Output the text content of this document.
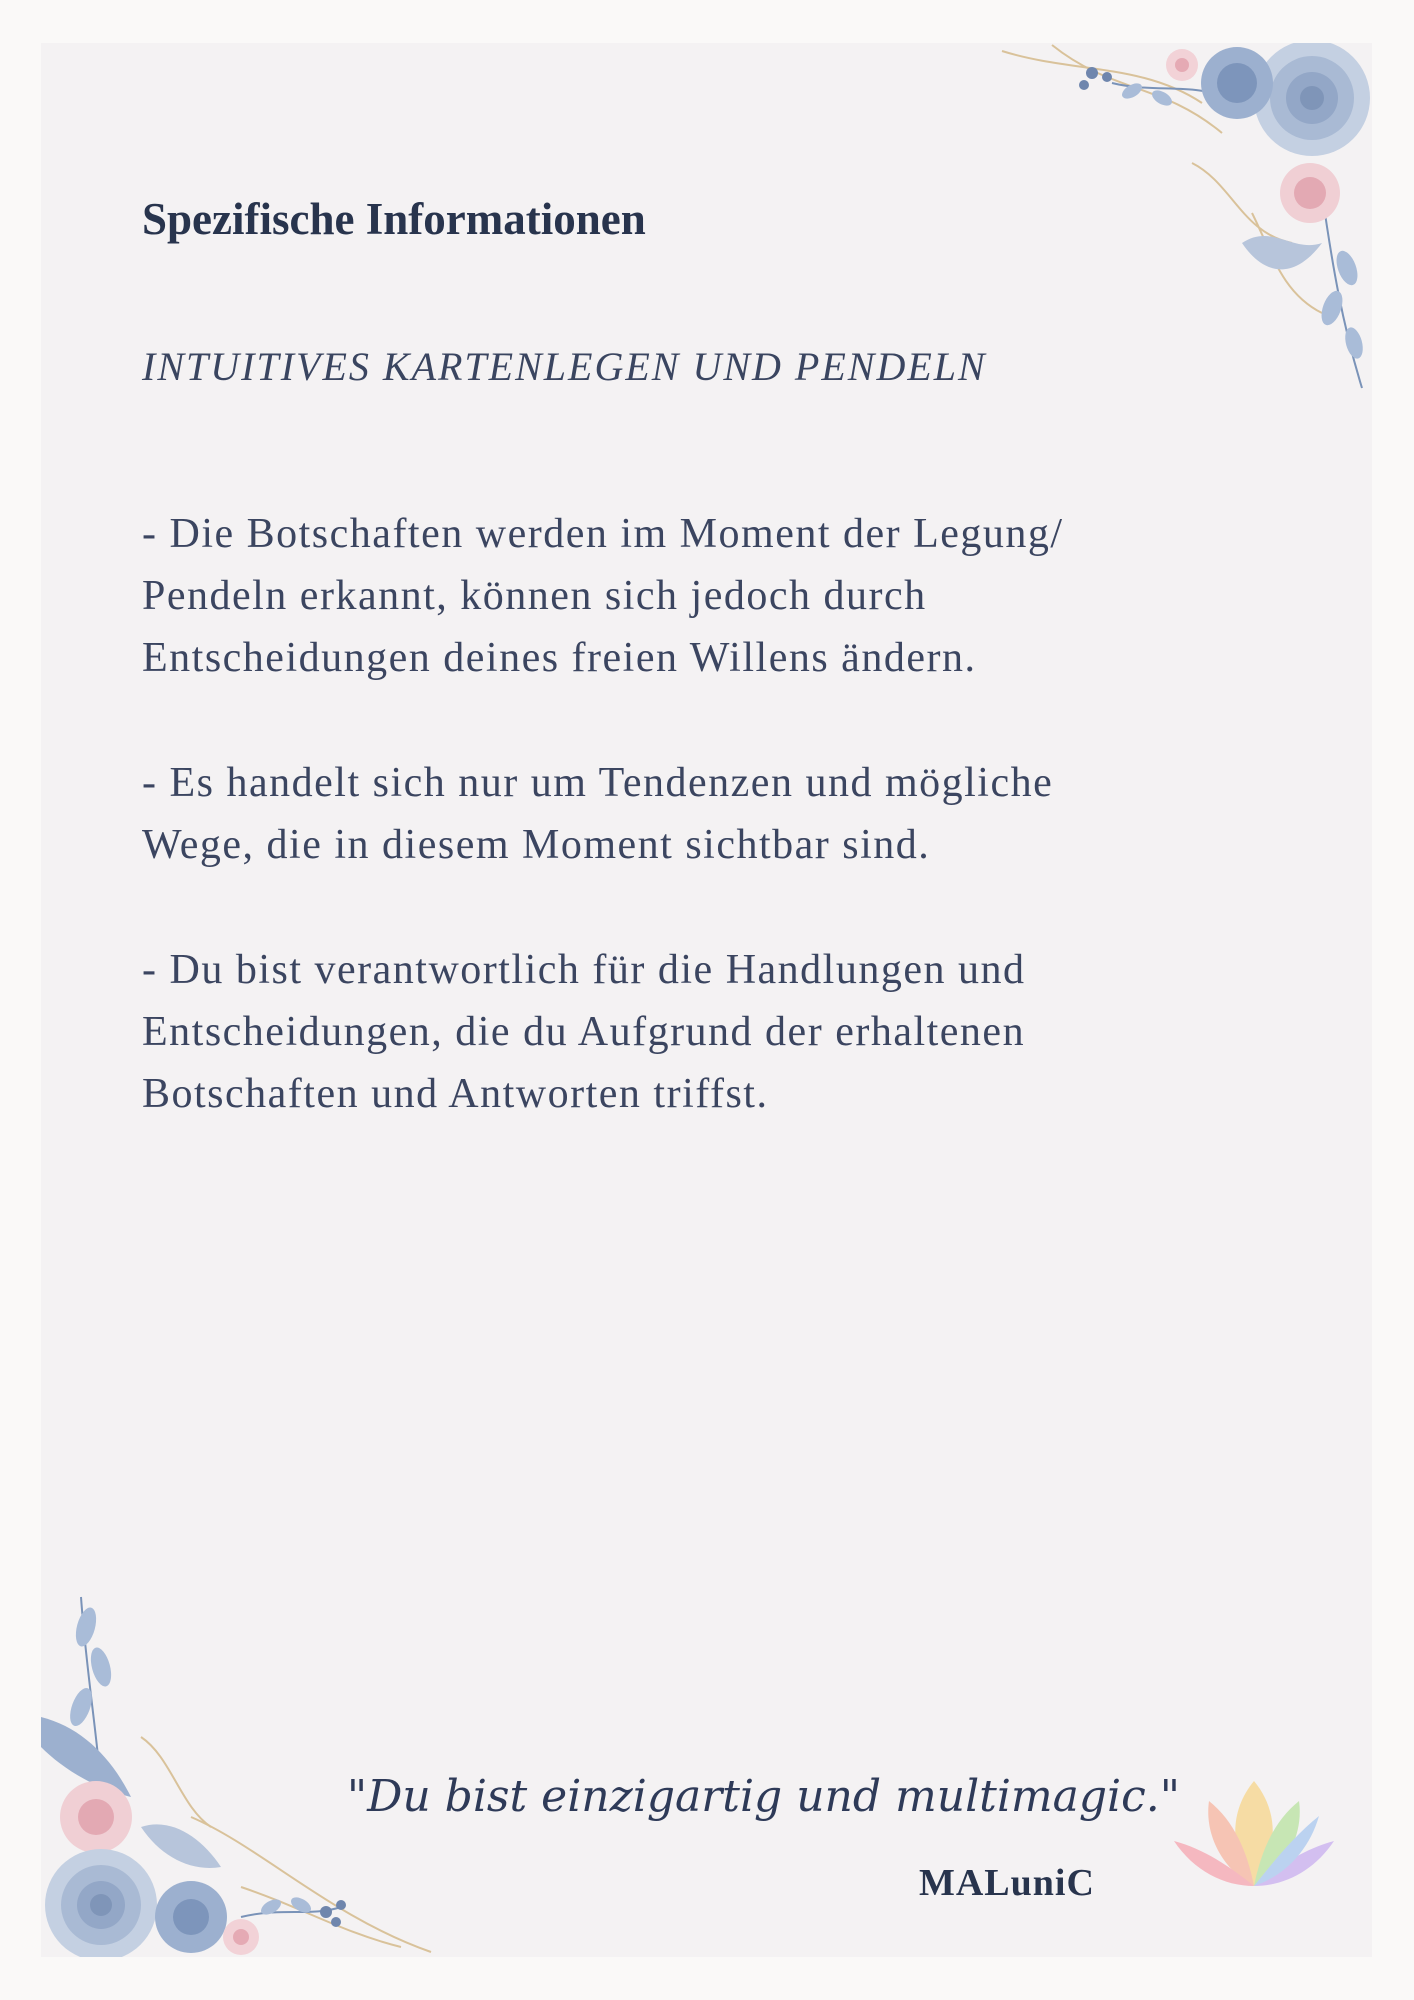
Spezifische Informationen
INTUITIVES KARTENLEGEN UND PENDELN
- Die Botschaften werden im Moment der Legung/
Pendeln erkannt, können sich jedoch durch
Entscheidungen deines freien Willens ändern.
- Es handelt sich nur um Tendenzen und mögliche
Wege, die in diesem Moment sichtbar sind.
- Du bist verantwortlich für die Handlungen und
Entscheidungen, die du Aufgrund der erhaltenen
Botschaften und Antworten triffst.
"Du bist einzigartig und multimagic."
MALuniC
